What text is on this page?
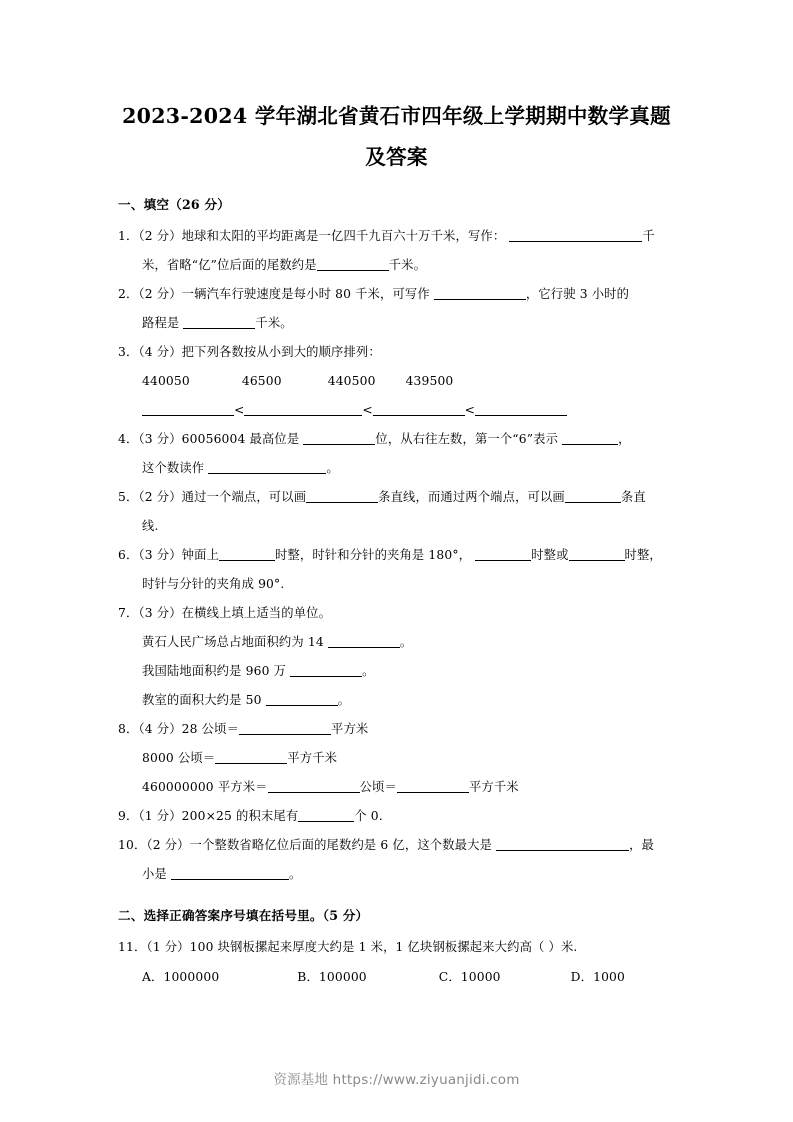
2023-2024 学年湖北省黄石市四年级上学期期中数学真题及答案
一、填空（26 分）
1．（2 分）地球和太阳的平均距离是一亿四千九百六十万千米，写作：	千
米，省略“亿”位后面的尾数约是	千米。
2．（2 分）一辆汽车行驶速度是每小时 80 千米，可写作	，它行驶 3 小时的
路程是	千米。
3．（4 分）把下列各数按从小到大的顺序排列：
440050	46500	440500 439500
<	<	<
4．（3 分）60056004 最高位是	位，从右往左数，第一个“6”表示	，
这个数读作	。
5．（2 分）通过一个端点，可以画	条直线，而通过两个端点，可以画	条直
线.
6．（3 分）钟面上	时整，时针和分针的夹角是 180°，	时整或	时整，
时针与分针的夹角成 90°.
7．（3 分）在横线上填上适当的单位。
黄石人民广场总占地面积约为 14	。
我国陆地面积约是 960 万	。
教室的面积大约是 50	。
8．（4 分）28 公顷＝	平方米
8000 公顷＝	平方千米
460000000 平方米＝	公顷＝	平方千米
9．（1 分）200×25 的积末尾有	个 0.
10．（2 分）一个整数省略亿位后面的尾数约是 6 亿，这个数最大是	，最
小是	。
二、选择正确答案序号填在括号里。（5 分）
11．（1 分）100 块钢板摞起来厚度大约是 1 米，1 亿块钢板摞起来大约高（ ）米.
A．1000000	B．100000	C．10000	D．1000
资源基地 https://www.ziyuanjidi.com
